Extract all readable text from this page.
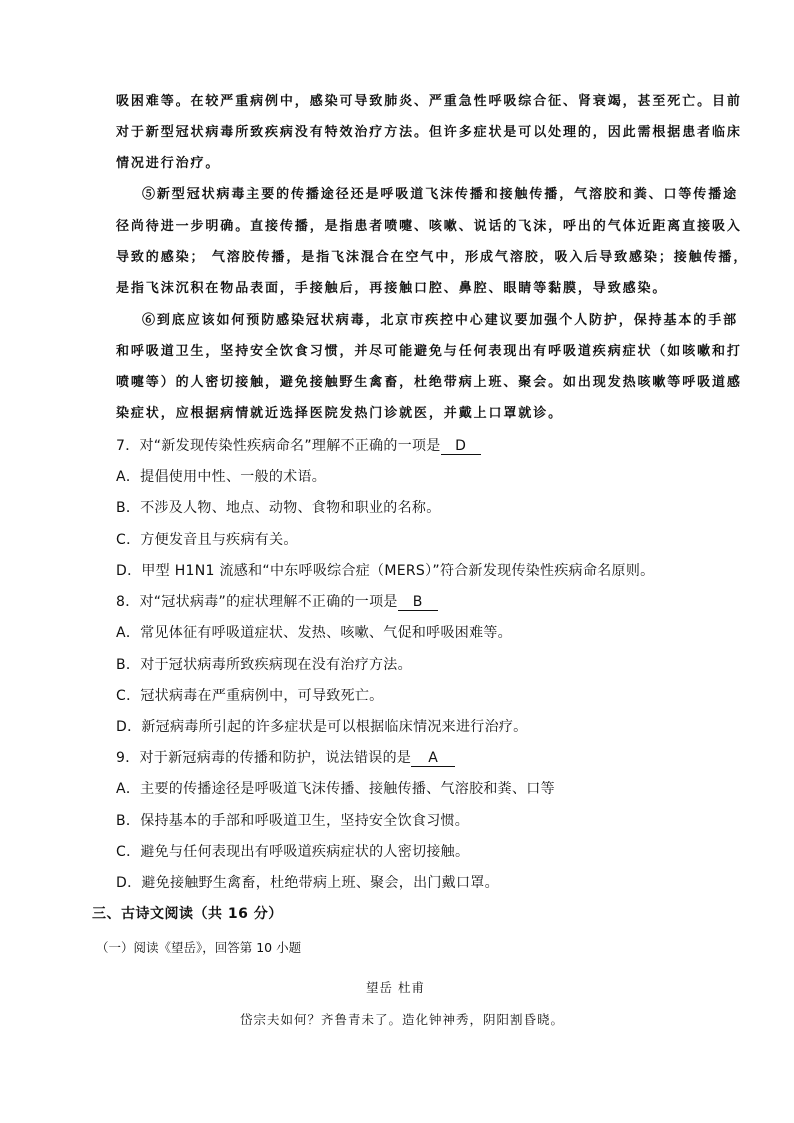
吸困难等。在较严重病例中，感染可导致肺炎、严重急性呼吸综合征、肾衰竭，甚至死亡。目前
对于新型冠状病毒所致疾病没有特效治疗方法。但许多症状是可以处理的，因此需根据患者临床
情况进行治疗。
⑤新型冠状病毒主要的传播途径还是呼吸道飞沫传播和接触传播，气溶胶和粪、口等传播途
径尚待进一步明确。直接传播，是指患者喷嚏、咳嗽、说话的飞沫，呼出的气体近距离直接吸入
导致的感染； 气溶胶传播，是指飞沫混合在空气中，形成气溶胶，吸入后导致感染；接触传播，
是指飞沫沉积在物品表面，手接触后，再接触口腔、鼻腔、眼睛等黏膜，导致感染。
⑥到底应该如何预防感染冠状病毒，北京市疾控中心建议要加强个人防护，保持基本的手部
和呼吸道卫生，坚持安全饮食习惯，并尽可能避免与任何表现出有呼吸道疾病症状（如咳嗽和打
喷嚏等）的人密切接触，避免接触野生禽畜，杜绝带病上班、聚会。如出现发热咳嗽等呼吸道感
染症状，应根据病情就近选择医院发热门诊就医，并戴上口罩就诊。
7．对“新发现传染性疾病命名”理解不正确的一项是 D
A．提倡使用中性、一般的术语。
B．不涉及人物、地点、动物、食物和职业的名称。
C．方便发音且与疾病有关。
D．甲型 H1N1 流感和“中东呼吸综合症（MERS）”符合新发现传染性疾病命名原则。
8．对“冠状病毒”的症状理解不正确的一项是 B
A．常见体征有呼吸道症状、发热、咳嗽、气促和呼吸困难等。
B．对于冠状病毒所致疾病现在没有治疗方法。
C．冠状病毒在严重病例中，可导致死亡。
D．新冠病毒所引起的许多症状是可以根据临床情况来进行治疗。
9．对于新冠病毒的传播和防护，说法错误的是 A
A．主要的传播途径是呼吸道飞沫传播、接触传播、气溶胶和粪、口等
B．保持基本的手部和呼吸道卫生，坚持安全饮食习惯。
C．避免与任何表现出有呼吸道疾病症状的人密切接触。
D．避免接触野生禽畜，杜绝带病上班、聚会，出门戴口罩。
三、古诗文阅读（共 16 分）
（一）阅读《望岳》，回答第 10 小题
望岳 杜甫
岱宗夫如何？齐鲁青未了。造化钟神秀，阴阳割昏晓。
